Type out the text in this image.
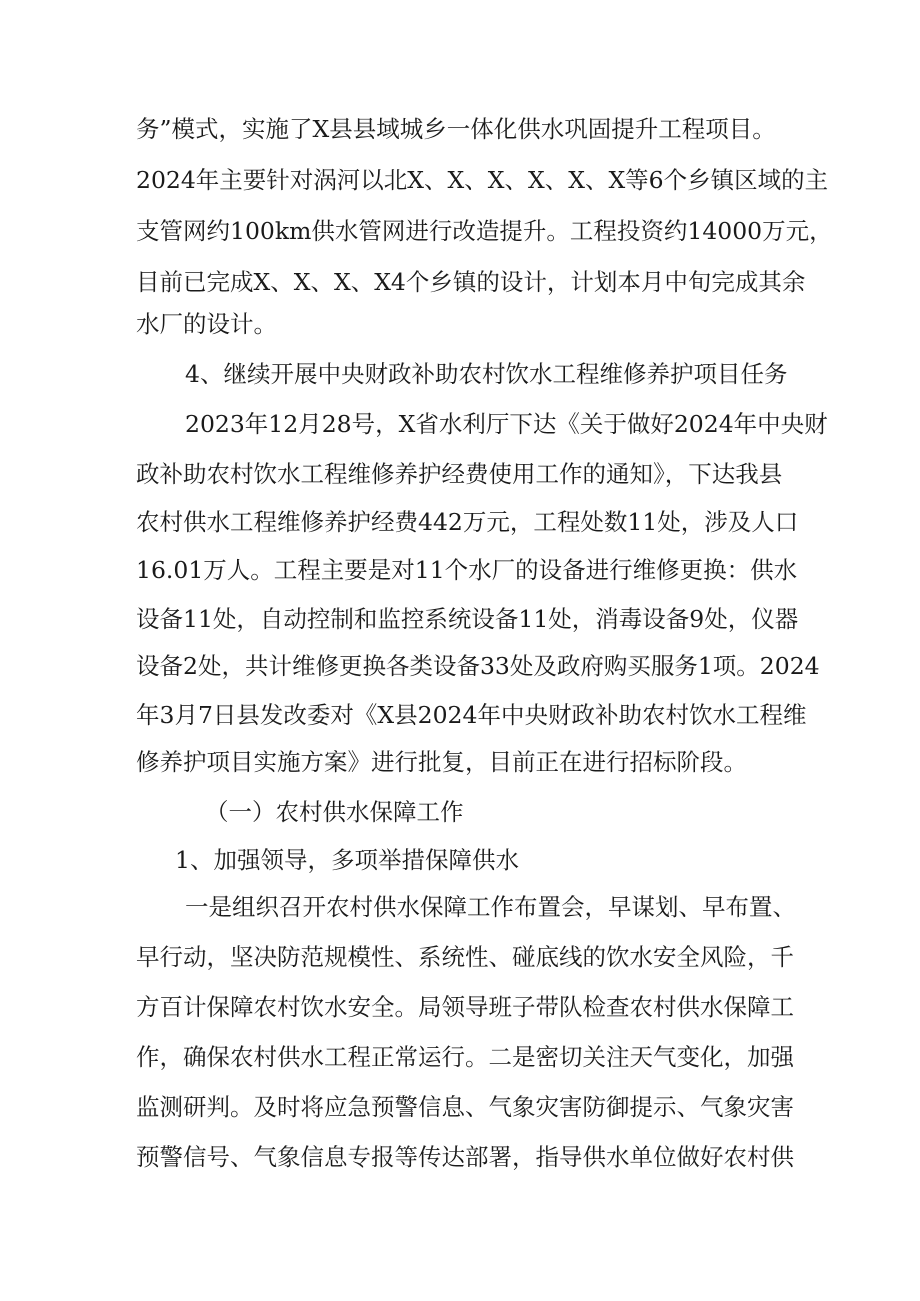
务”模式，实施了X县县域城乡一体化供水巩固提升工程项目。
2024年主要针对涡河以北X、X、X、X、X、X等6个乡镇区域的主
支管网约100km供水管网进行改造提升。工程投资约14000万元，
目前已完成X、X、X、X4个乡镇的设计，计划本月中旬完成其余
水厂的设计。
4、继续开展中央财政补助农村饮水工程维修养护项目任务
2023年12月28号，X省水利厅下达《关于做好2024年中央财
政补助农村饮水工程维修养护经费使用工作的通知》，下达我县
农村供水工程维修养护经费442万元，工程处数11处，涉及人口
16.01万人。工程主要是对11个水厂的设备进行维修更换：供水
设备11处，自动控制和监控系统设备11处，消毒设备9处，仪器
设备2处，共计维修更换各类设备33处及政府购买服务1项。2024
年3月7日县发改委对《X县2024年中央财政补助农村饮水工程维
修养护项目实施方案》进行批复，目前正在进行招标阶段。
（一）农村供水保障工作
1、加强领导，多项举措保障供水
一是组织召开农村供水保障工作布置会，早谋划、早布置、
早行动，坚决防范规模性、系统性、碰底线的饮水安全风险，千
方百计保障农村饮水安全。局领导班子带队检查农村供水保障工
作，确保农村供水工程正常运行。二是密切关注天气变化，加强
监测研判。及时将应急预警信息、气象灾害防御提示、气象灾害
预警信号、气象信息专报等传达部署，指导供水单位做好农村供
